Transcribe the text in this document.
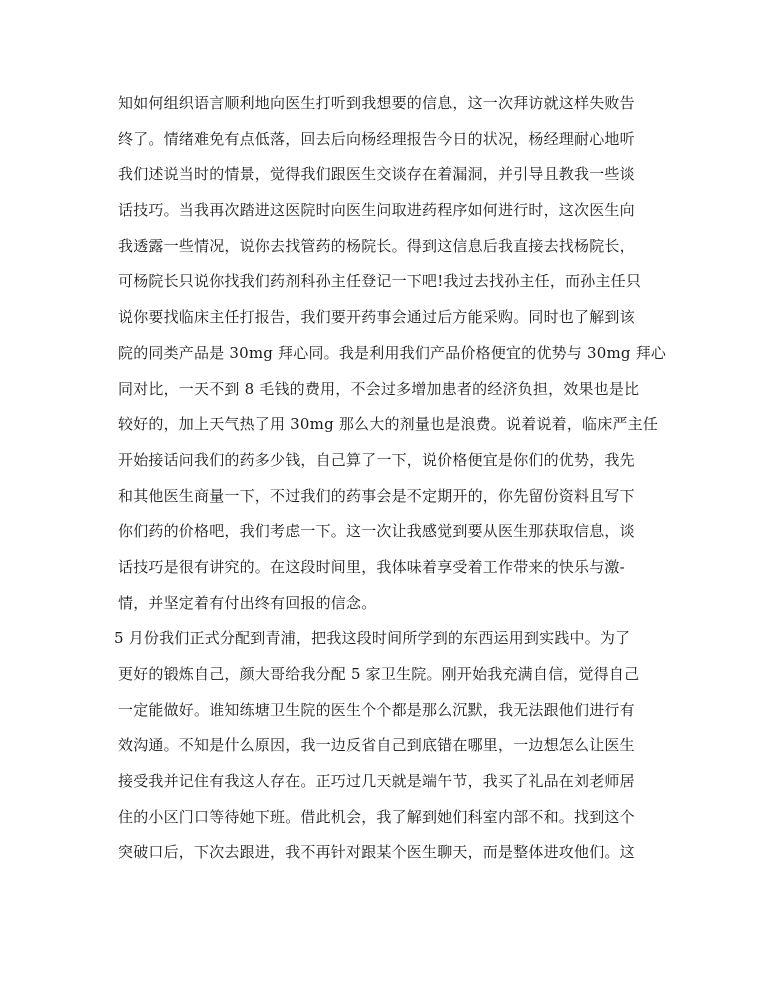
知如何组织语言顺利地向医生打听到我想要的信息，这一次拜访就这样失败告
终了。情绪难免有点低落，回去后向杨经理报告今日的状况，杨经理耐心地听
我们述说当时的情景，觉得我们跟医生交谈存在着漏洞，并引导且教我一些谈
话技巧。当我再次踏进这医院时向医生问取进药程序如何进行时，这次医生向
我透露一些情况，说你去找管药的杨院长。得到这信息后我直接去找杨院长，
可杨院长只说你找我们药剂科孙主任登记一下吧!我过去找孙主任，而孙主任只
说你要找临床主任打报告，我们要开药事会通过后方能采购。同时也了解到该
院的同类产品是 30mg 拜心同。我是利用我们产品价格便宜的优势与 30mg 拜心
同对比，一天不到 8 毛钱的费用，不会过多增加患者的经济负担，效果也是比
较好的，加上天气热了用 30mg 那么大的剂量也是浪费。说着说着，临床严主任
开始接话问我们的药多少钱，自己算了一下，说价格便宜是你们的优势，我先
和其他医生商量一下，不过我们的药事会是不定期开的，你先留份资料且写下
你们药的价格吧，我们考虑一下。这一次让我感觉到要从医生那获取信息，谈
话技巧是很有讲究的。在这段时间里，我体味着享受着工作带来的快乐与激-
情，并坚定着有付出终有回报的信念。
5 月份我们正式分配到青浦，把我这段时间所学到的东西运用到实践中。为了
更好的锻炼自己，颜大哥给我分配 5 家卫生院。刚开始我充满自信，觉得自己
一定能做好。谁知练塘卫生院的医生个个都是那么沉默，我无法跟他们进行有
效沟通。不知是什么原因，我一边反省自己到底错在哪里，一边想怎么让医生
接受我并记住有我这人存在。正巧过几天就是端午节，我买了礼品在刘老师居
住的小区门口等待她下班。借此机会，我了解到她们科室内部不和。找到这个
突破口后，下次去跟进，我不再针对跟某个医生聊天，而是整体进攻他们。这
